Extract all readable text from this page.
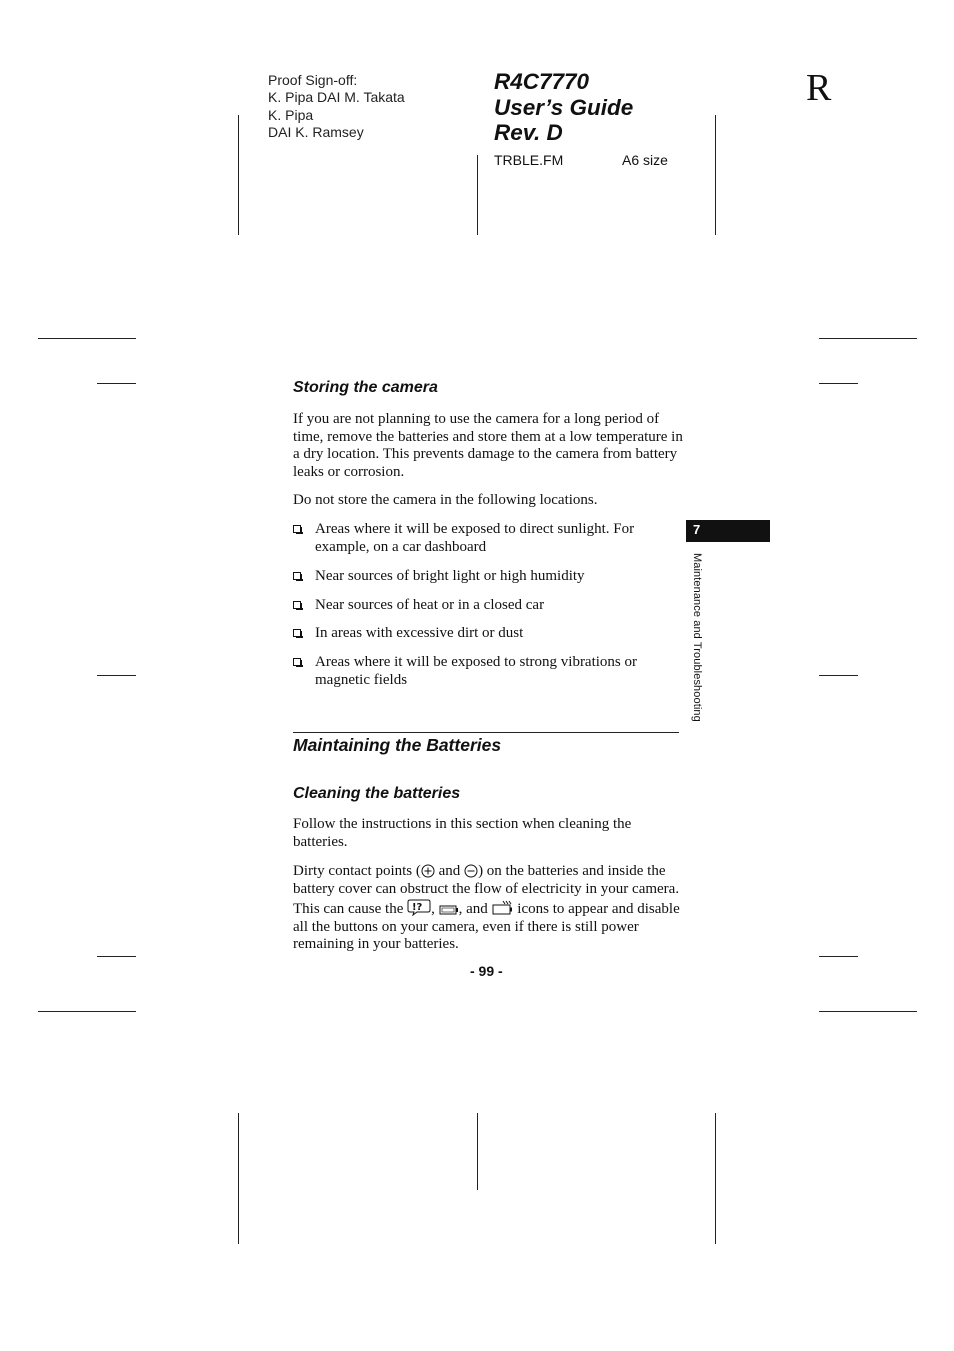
Proof Sign-off:
K. Pipa DAI M. Takata
K. Pipa
DAI K. Ramsey
R4C7770
User’s Guide
Rev. D
TRBLE.FM	A6 size
R
7
Maintenance and Troubleshooting
Storing the camera
If you are not planning to use the camera for a long period of time, remove the batteries and store them at a low temperature in a dry location. This prevents damage to the camera from battery leaks or corrosion.
Do not store the camera in the following locations.
Areas where it will be exposed to direct sunlight. For example, on a car dashboard
Near sources of bright light or high humidity
Near sources of heat or in a closed car
In areas with excessive dirt or dust
Areas where it will be exposed to strong vibrations or magnetic fields
Maintaining the Batteries
Cleaning the batteries
Follow the instructions in this section when cleaning the batteries.
Dirty contact points ( and ) on the batteries and inside the battery cover can obstruct the flow of electricity in your camera. This can cause the !? , , and  icons to appear and disable all the buttons on your camera, even if there is still power remaining in your batteries.
- 99 -
